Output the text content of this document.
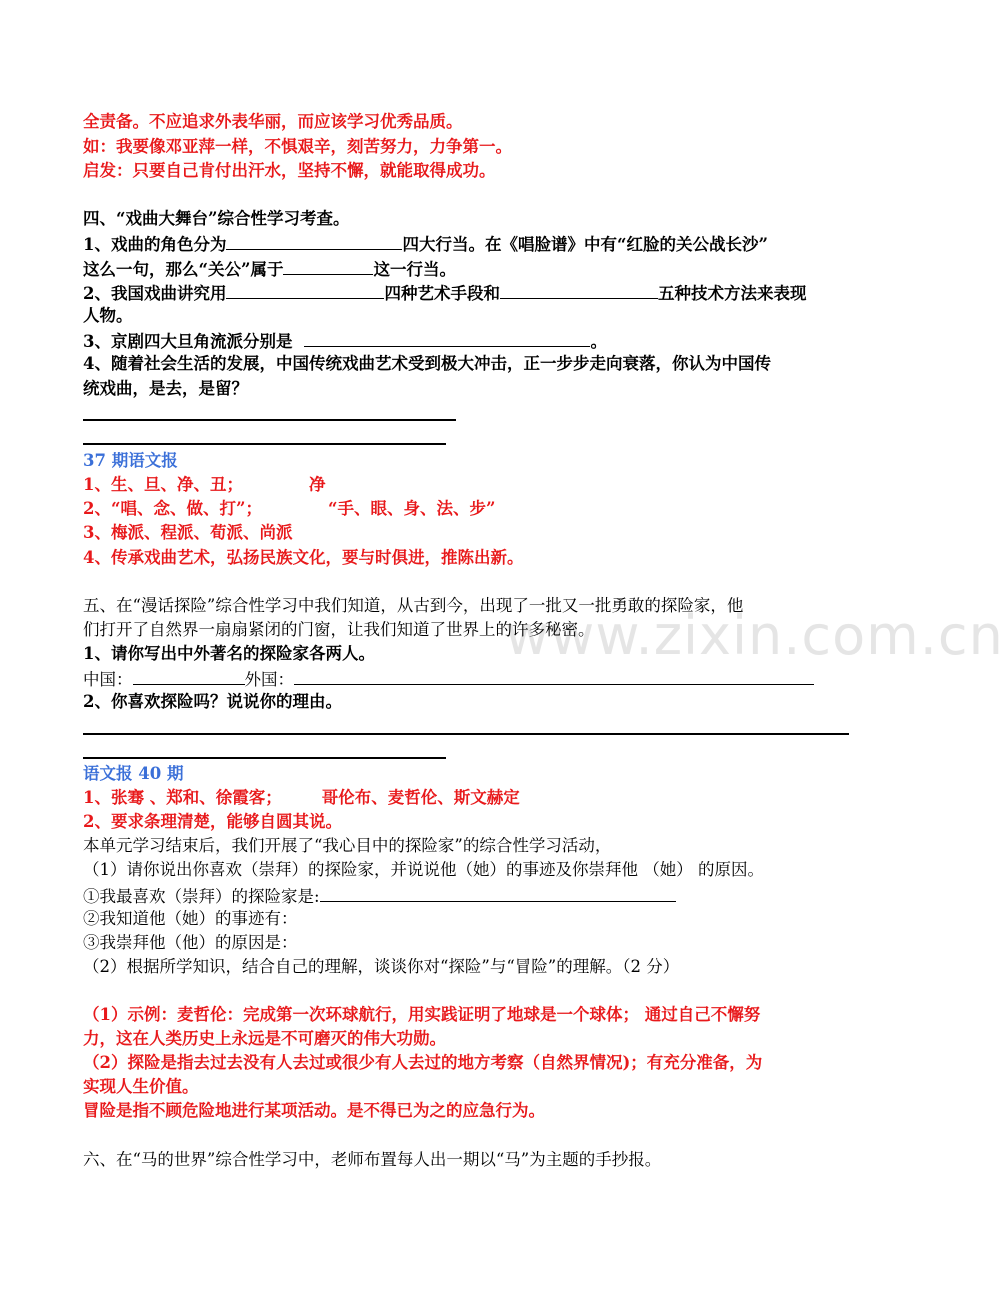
www.zixin.com.cn
全责备。不应追求外表华丽，而应该学习优秀品质。
如：我要像邓亚萍一样，不惧艰辛，刻苦努力，力争第一。
启发：只要自己肯付出汗水，坚持不懈，就能取得成功。
四、“戏曲大舞台”综合性学习考查。
1、戏曲的角色分为	四大行当。在《唱脸谱》中有“红脸的关公战长沙”
这么一句，那么“关公”属于	这一行当。
2、我国戏曲讲究用	四种艺术手段和	五种技术方法来表现
人物。
3、京剧四大旦角流派分别是	。
4、随着社会生活的发展，中国传统戏曲艺术受到极大冲击，正一步步走向衰落，你认为中国传
统戏曲，是去，是留？
37 期语文报
1、生、旦、净、丑；	净
2、“唱、念、做、打”；	“手、眼、身、法、步”
3、梅派、程派、荀派、尚派
4、传承戏曲艺术，弘扬民族文化，要与时俱进，推陈出新。
五、在“漫话探险”综合性学习中我们知道，从古到今，出现了一批又一批勇敢的探险家，他
们打开了自然界一扇扇紧闭的门窗，让我们知道了世界上的许多秘密。
1、请你写出中外著名的探险家各两人。
中国：	外国：
2、你喜欢探险吗？说说你的理由。
语文报 40 期
1、张骞 、郑和、徐霞客； 哥伦布、麦哲伦、斯文赫定
2、要求条理清楚，能够自圆其说。
本单元学习结束后，我们开展了“我心目中的探险家”的综合性学习活动，
（1）请你说出你喜欢（崇拜）的探险家，并说说他（她）的事迹及你崇拜他 （她） 的原因。
①我最喜欢（崇拜）的探险家是:
②我知道他（她）的事迹有：
③我崇拜他（他）的原因是：
（2）根据所学知识，结合自己的理解，谈谈你对“探险”与“冒险”的理解。（2 分）
（1）示例：麦哲伦：完成第一次环球航行，用实践证明了地球是一个球体； 通过自己不懈努
力，这在人类历史上永远是不可磨灭的伟大功勋。
（2）探险是指去过去没有人去过或很少有人去过的地方考察（自然界情况)；有充分准备，为
实现人生价值。
冒险是指不顾危险地进行某项活动。是不得已为之的应急行为。
六、在“马的世界”综合性学习中，老师布置每人出一期以“马”为主题的手抄报。
